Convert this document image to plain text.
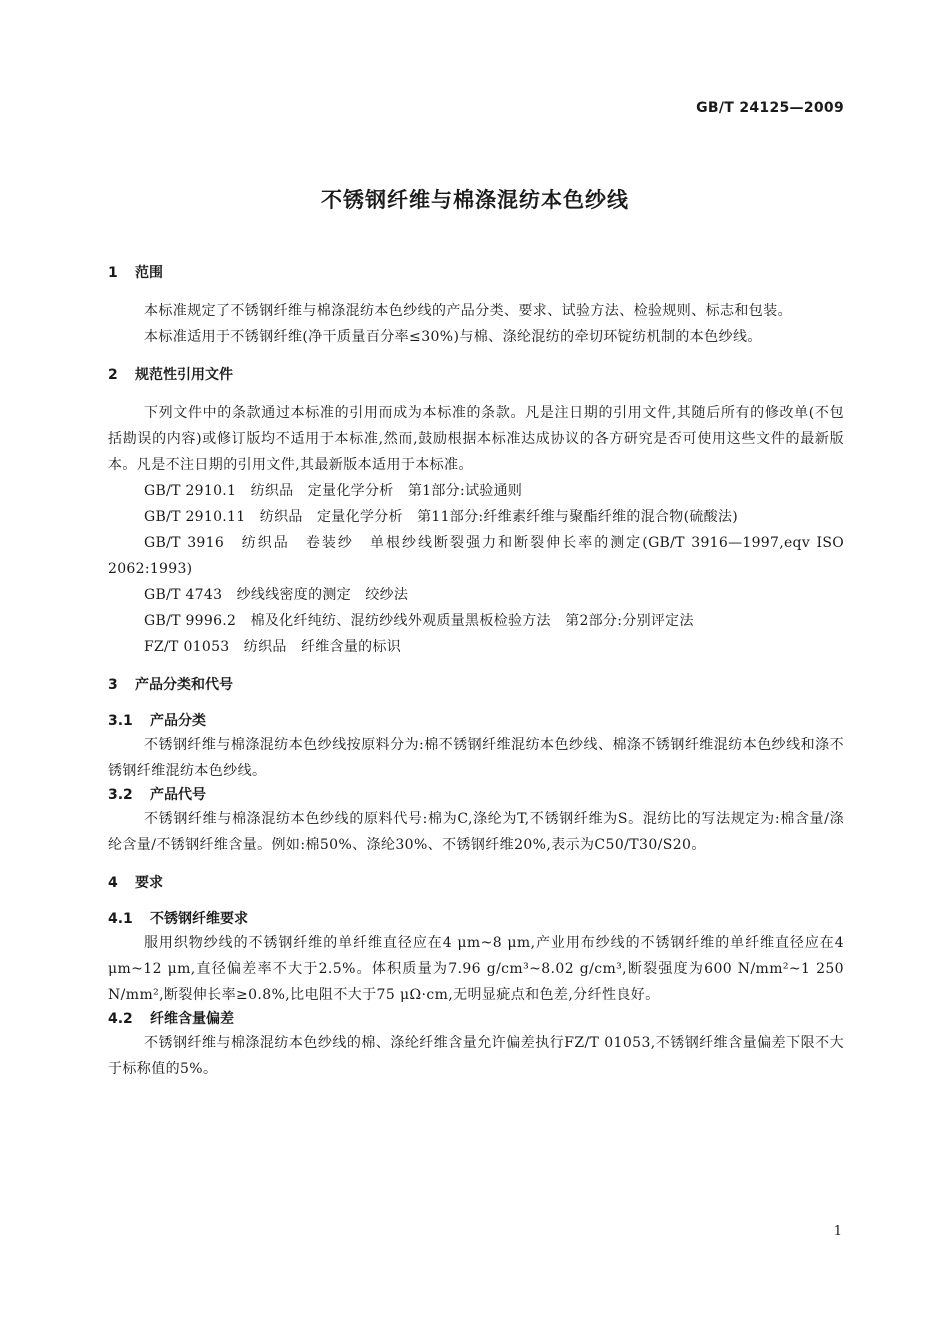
GB/T 24125—2009
不锈钢纤维与棉涤混纺本色纱线
1 范围

本标准规定了不锈钢纤维与棉涤混纺本色纱线的产品分类、要求、试验方法、检验规则、标志和包装。

本标准适用于不锈钢纤维(净干质量百分率≤30%)与棉、涤纶混纺的牵切环锭纺机制的本色纱线。

2 规范性引用文件

下列文件中的条款通过本标准的引用而成为本标准的条款。凡是注日期的引用文件,其随后所有的修改单(不包括勘误的内容)或修订版均不适用于本标准,然而,鼓励根据本标准达成协议的各方研究是否可使用这些文件的最新版本。凡是不注日期的引用文件,其最新版本适用于本标准。

GB/T 2910.1　纺织品　定量化学分析　第1部分:试验通则

GB/T 2910.11　纺织品　定量化学分析　第11部分:纤维素纤维与聚酯纤维的混合物(硫酸法)

GB/T 3916　纺织品　卷装纱　单根纱线断裂强力和断裂伸长率的测定(GB/T 3916—1997,eqv ISO 2062:1993)

GB/T 4743　纱线线密度的测定　绞纱法

GB/T 9996.2　棉及化纤纯纺、混纺纱线外观质量黑板检验方法　第2部分:分别评定法

FZ/T 01053　纺织品　纤维含量的标识

3 产品分类和代号
3.1 产品分类

不锈钢纤维与棉涤混纺本色纱线按原料分为:棉不锈钢纤维混纺本色纱线、棉涤不锈钢纤维混纺本色纱线和涤不锈钢纤维混纺本色纱线。

3.2 产品代号

不锈钢纤维与棉涤混纺本色纱线的原料代号:棉为C,涤纶为T,不锈钢纤维为S。混纺比的写法规定为:棉含量/涤纶含量/不锈钢纤维含量。例如:棉50%、涤纶30%、不锈钢纤维20%,表示为C50/T30/S20。

4 要求
4.1 不锈钢纤维要求

服用织物纱线的不锈钢纤维的单纤维直径应在4 μm~8 μm,产业用布纱线的不锈钢纤维的单纤维直径应在4 μm~12 μm,直径偏差率不大于2.5%。体积质量为7.96 g/cm³~8.02 g/cm³,断裂强度为600 N/mm²~1 250 N/mm²,断裂伸长率≥0.8%,比电阻不大于75 μΩ·cm,无明显疵点和色差,分纤性良好。

4.2 纤维含量偏差

不锈钢纤维与棉涤混纺本色纱线的棉、涤纶纤维含量允许偏差执行FZ/T 01053,不锈钢纤维含量偏差下限不大于标称值的5%。

1
